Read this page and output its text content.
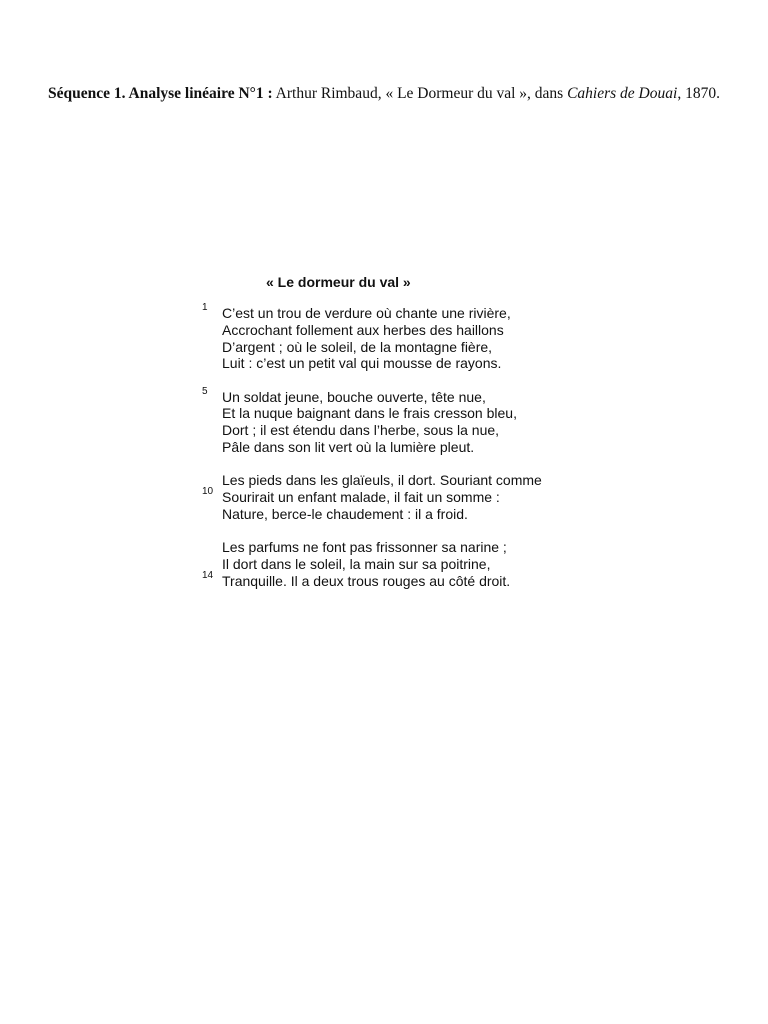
Séquence 1. Analyse linéaire N°1 : Arthur Rimbaud, « Le Dormeur du val », dans Cahiers de Douai, 1870.
« Le dormeur du val »
1 C’est un trou de verdure où chante une rivière,
Accrochant follement aux herbes des haillons
D’argent ; où le soleil, de la montagne fière,
Luit : c’est un petit val qui mousse de rayons.
5 Un soldat jeune, bouche ouverte, tête nue,
Et la nuque baignant dans le frais cresson bleu,
Dort ; il est étendu dans l’herbe, sous la nue,
Pâle dans son lit vert où la lumière pleut.
Les pieds dans les glaïeuls, il dort. Souriant comme
10 Sourirait un enfant malade, il fait un somme :
Nature, berce-le chaudement : il a froid.
Les parfums ne font pas frissonner sa narine ;
Il dort dans le soleil, la main sur sa poitrine,
14 Tranquille. Il a deux trous rouges au côté droit.
